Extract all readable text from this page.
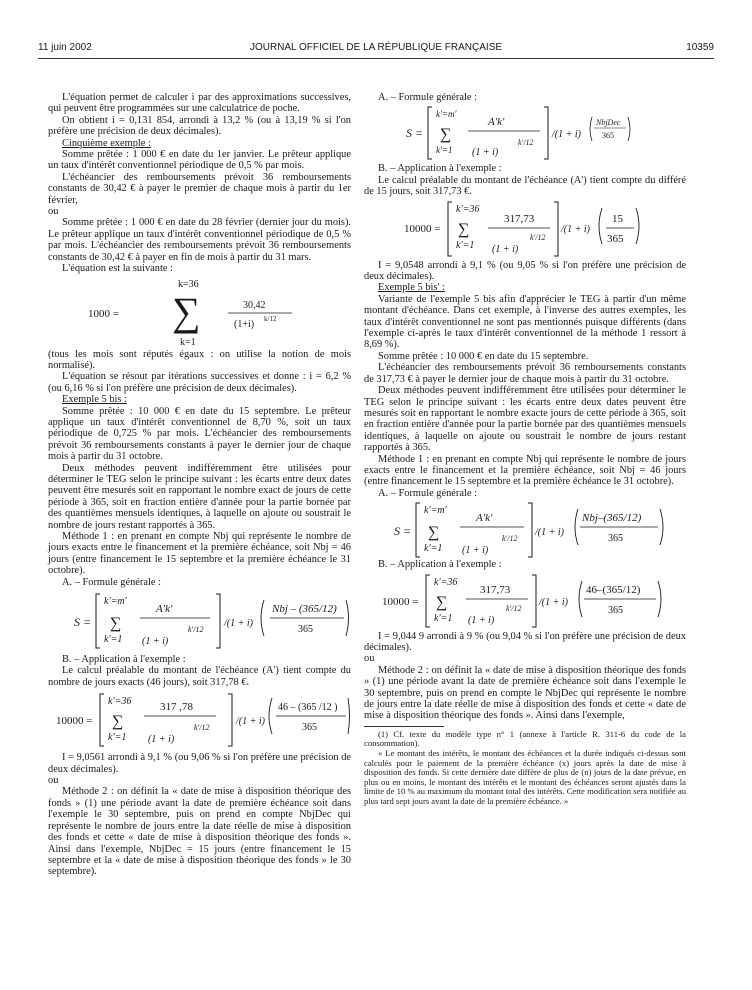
JOURNAL OFFICIEL DE LA RÉPUBLIQUE FRANÇAISE
11 juin 2002	10359

L'équation permet de calculer i par des approximations successives, qui peuvent être programmées sur une calculatrice de poche.

On obtient i = 0,131 854, arrondi à 13,2 % (ou à 13,19 % si l'on préfère une précision de deux décimales).

Cinquième exemple :

Somme prêtée : 1 000 € en date du 1er janvier. Le prêteur applique un taux d'intérêt conventionnel périodique de 0,5 % par mois.

L'échéancier des remboursements prévoit 36 remboursements constants de 30,42 € à payer le premier de chaque mois à partir du 1er février,

ou

Somme prêtée : 1 000 € en date du 28 février (dernier jour du mois). Le prêteur applique un taux d'intérêt conventionnel périodique de 0,5 % par mois. L'échéancier des remboursements prévoit 36 remboursements constants de 30,42 € à payer en fin de mois à partir du 31 mars.

L'équation est la suivante :

k=36
1000 = ∑	30,42
(1+i) k/12
k=1

(tous les mois sont réputés égaux : on utilise la notion de mois normalisé).

L'équation se résout par itérations successives et donne : i = 6,2 % (ou 6,16 % si l'on préfère une précision de deux décimales).

Exemple 5 bis :

Somme prêtée : 10 000 € en date du 15 septembre. Le prêteur applique un taux d'intérêt conventionnel de 8,70 %, soit un taux périodique de 0,725 % par mois. L'échéancier des remboursements prévoit 36 remboursements constants à payer le dernier jour de chaque mois à partir du 31 octobre.

Deux méthodes peuvent indifféremment être utilisées pour déterminer le TEG selon le principe suivant : les écarts entre deux dates peuvent être mesurés soit en rapportant le nombre exact de jours de cette période à 365, soit en fraction entière d'année pour la partie bornée par des quantièmes mensuels identiques, à laquelle on ajoute ou soustrait le nombre de jours restant rapportés à 365.

Méthode 1 : en prenant en compte Nbj qui représente le nombre de jours exacts entre le financement et la première échéance, soit Nbj = 46 jours (entre financement le 15 septembre et la première échéance le 31 octobre).

A. – Formule générale :

S =
k'=m'
∑
k'=1
A'k'
k'/12
(1 + i)
/(1 + i)
Nbj – (365/12)
365

B. – Application à l'exemple :

Le calcul préalable du montant de l'échéance (A') tient compte du nombre de jours exacts (46 jours), soit 317,78 €.

10000 =
k'=36
∑
k'=1
317 ,78
k'/12
(1 + i)
/(1 + i)
46 – (365 /12 )
365

I = 9,0561 arrondi à 9,1 % (ou 9,06 % si l'on préfère une précision de deux décimales).

ou

Méthode 2 : on définit la « date de mise à disposition théorique des fonds » (1) une période avant la date de première échéance soit dans l'exemple le 30 septembre, puis on prend en compte NbjDec qui représente le nombre de jours entre la date réelle de mise à disposition des fonds et cette « date de mise à disposition théorique des fonds ». Ainsi dans l'exemple, NbjDec = 15 jours (entre financement le 15 septembre et la « date de mise à disposition théorique des fonds » le 30 septembre).

A. – Formule générale :

S =
k'=m'
∑
k'=1
A'k'
k'/12
(1 + i)
/(1 + i)
NbjDec
365

B. – Application à l'exemple :

Le calcul préalable du montant de l'échéance (A') tient compte du différé de 15 jours, soit 317,73 €.

10000 =
k'=36
∑
k'=1
317,73
k'/12
(1 + i)
/(1 + i)
15
365

I = 9,0548 arrondi à 9,1 % (ou 9,05 % si l'on préfère une précision de deux décimales).

Exemple 5 bis' :

Variante de l'exemple 5 bis afin d'apprécier le TEG à partir d'un même montant d'échéance. Dans cet exemple, à l'inverse des autres exemples, les taux d'intérêt conventionnel ne sont pas mentionnés puisque différents (dans l'exemple ci-après le taux d'intérêt conventionnel de la méthode 1 ressort à 8,69 %).

Somme prêtée : 10 000 € en date du 15 septembre.

L'échéancier des remboursements prévoit 36 remboursements constants de 317,73 € à payer le dernier jour de chaque mois à partir du 31 octobre.

Deux méthodes peuvent indifféremment être utilisées pour déterminer le TEG selon le principe suivant : les écarts entre deux dates peuvent être mesurés soit en rapportant le nombre exacte jours de cette période à 365, soit en fraction entière d'année pour la partie bornée par des quantièmes mensuels identiques, à laquelle on ajoute ou soustrait le nombre de jours restant rapportés à 365.

Méthode 1 : en prenant en compte Nbj qui représente le nombre de jours exacts entre le financement et la première échéance, soit Nbj = 46 jours (entre financement le 15 septembre et la première échéance le 31 octobre).

A. – Formule générale :

S =
k'=m'
∑
k'=1
A'k'
k'/12
(1 + i)
/(1 + i)
Nbj–(365/12)
365

B. – Application à l'exemple :

10000 =
k'=36
∑
k'=1
317,73
k'/12
(1 + i)
/(1 + i)
46–(365/12)
365

I = 9,044 9 arrondi à 9 % (ou 9,04 % si l'on préfère une précision de deux décimales).

ou

Méthode 2 : on définit la « date de mise à disposition théorique des fonds » (1) une période avant la date de première échéance soit dans l'exemple le 30 septembre, puis on prend en compte le NbjDec qui représente le nombre de jours entre la date réelle de mise à disposition des fonds et cette « date de mise à disposition théorique des fonds ». Ainsi dans l'exemple,

(1) Cf. texte du modèle type n° 1 (annexe à l'article R. 311-6 du code de la consommation).

« Le montant des intérêts, le montant des échéances et la durée indiqués ci-dessus sont calculés pour le paiement de la première échéance (x) jours après la date de mise à disposition des fonds. Si cette dernière date diffère de plus de (n) jours de la date prévue, en plus ou en moins, le montant des intérêts et le montant des échéances seront ajustés dans la limite de 10 % au maximum du montant total des intérêts. Cette modification sera notifiée au plus tard sept jours avant la date de la première échéance. »
